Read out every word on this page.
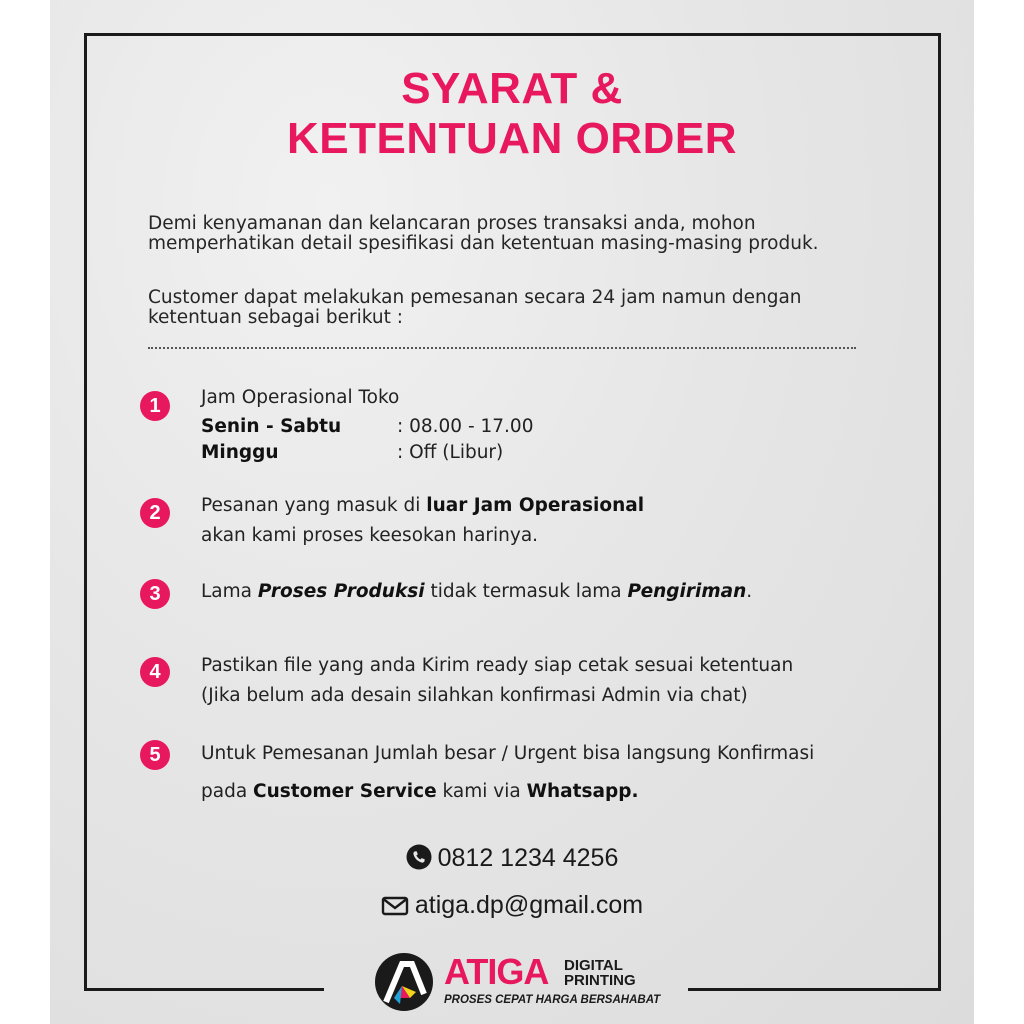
SYARAT &
KETENTUAN ORDER

Demi kenyamanan dan kelancaran proses transaksi anda, mohon memperhatikan detail spesifikasi dan ketentuan masing-masing produk.

Customer dapat melakukan pemesanan secara 24 jam namun dengan ketentuan sebagai berikut :

1	Jam Operasional Toko
Senin - Sabtu	: 08.00 - 17.00
Minggu	: Off (Libur)
2	Pesanan yang masuk di luar Jam Operasional
akan kami proses keesokan harinya.
3	Lama Proses Produksi tidak termasuk lama Pengiriman.
4	Pastikan file yang anda Kirim ready siap cetak sesuai ketentuan
(Jika belum ada desain silahkan konfirmasi Admin via chat)
5	Untuk Pemesanan Jumlah besar / Urgent bisa langsung Konfirmasi
pada Customer Service kami via Whatsapp.
0812 1234 4256
atiga.dp@gmail.com
ATIGA DIGITAL
PRINTING
PROSES CEPAT HARGA BERSAHABAT
